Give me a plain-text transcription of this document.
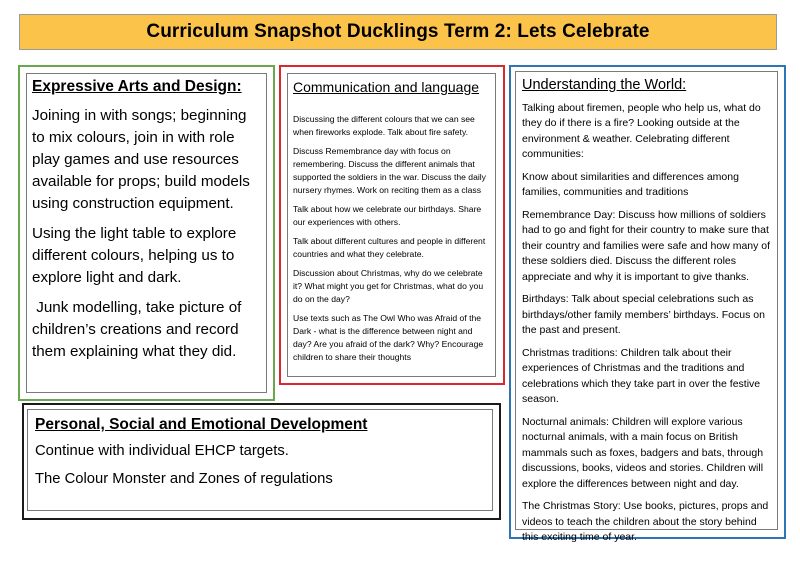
Curriculum Snapshot Ducklings Term 2: Lets Celebrate
Expressive Arts and Design:

Joining in with songs; beginning to mix colours, join in with role play games and use resources available for props; build models using construction equipment.

Using the light table to explore different colours, helping us to explore light and dark.

Junk modelling, take picture of children’s creations and record them explaining what they did.

Communication and language

Discussing the different colours that we can see when fireworks explode. Talk about fire safety.

Discuss Remembrance day with focus on remembering. Discuss the different animals that supported the soldiers in the war. Discuss the daily nursery rhymes. Work on reciting them as a class

Talk about how we celebrate our birthdays. Share our experiences with others.

Talk about different cultures and people in different countries and what they celebrate.

Discussion about Christmas, why do we celebrate it? What might you get for Christmas, what do you do on the day?

Use texts such as The Owl Who was Afraid of the Dark - what is the difference between night and day? Are you afraid of the dark? Why? Encourage children to share their thoughts

Understanding the World:

Talking about firemen, people who help us, what do they do if there is a fire? Looking outside at the environment & weather. Celebrating different communities:

Know about similarities and differences among families, communities and traditions

Remembrance Day: Discuss how millions of soldiers had to go and fight for their country to make sure that their country and families were safe and how many of these soldiers died. Discuss the different roles appreciate and why it is important to give thanks.

Birthdays: Talk about special celebrations such as birthdays/other family members’ birthdays. Focus on the past and present.

Christmas traditions: Children talk about their experiences of Christmas and the traditions and celebrations which they take part in over the festive season.

Nocturnal animals: Children will explore various nocturnal animals, with a main focus on British mammals such as foxes, badgers and bats, through discussions, books, videos and stories. Children will explore the differences between night and day.

The Christmas Story: Use books, pictures, props and videos to teach the children about the story behind this exciting time of year.

Personal, Social and Emotional Development

Continue with individual EHCP targets.

The Colour Monster and Zones of regulations
